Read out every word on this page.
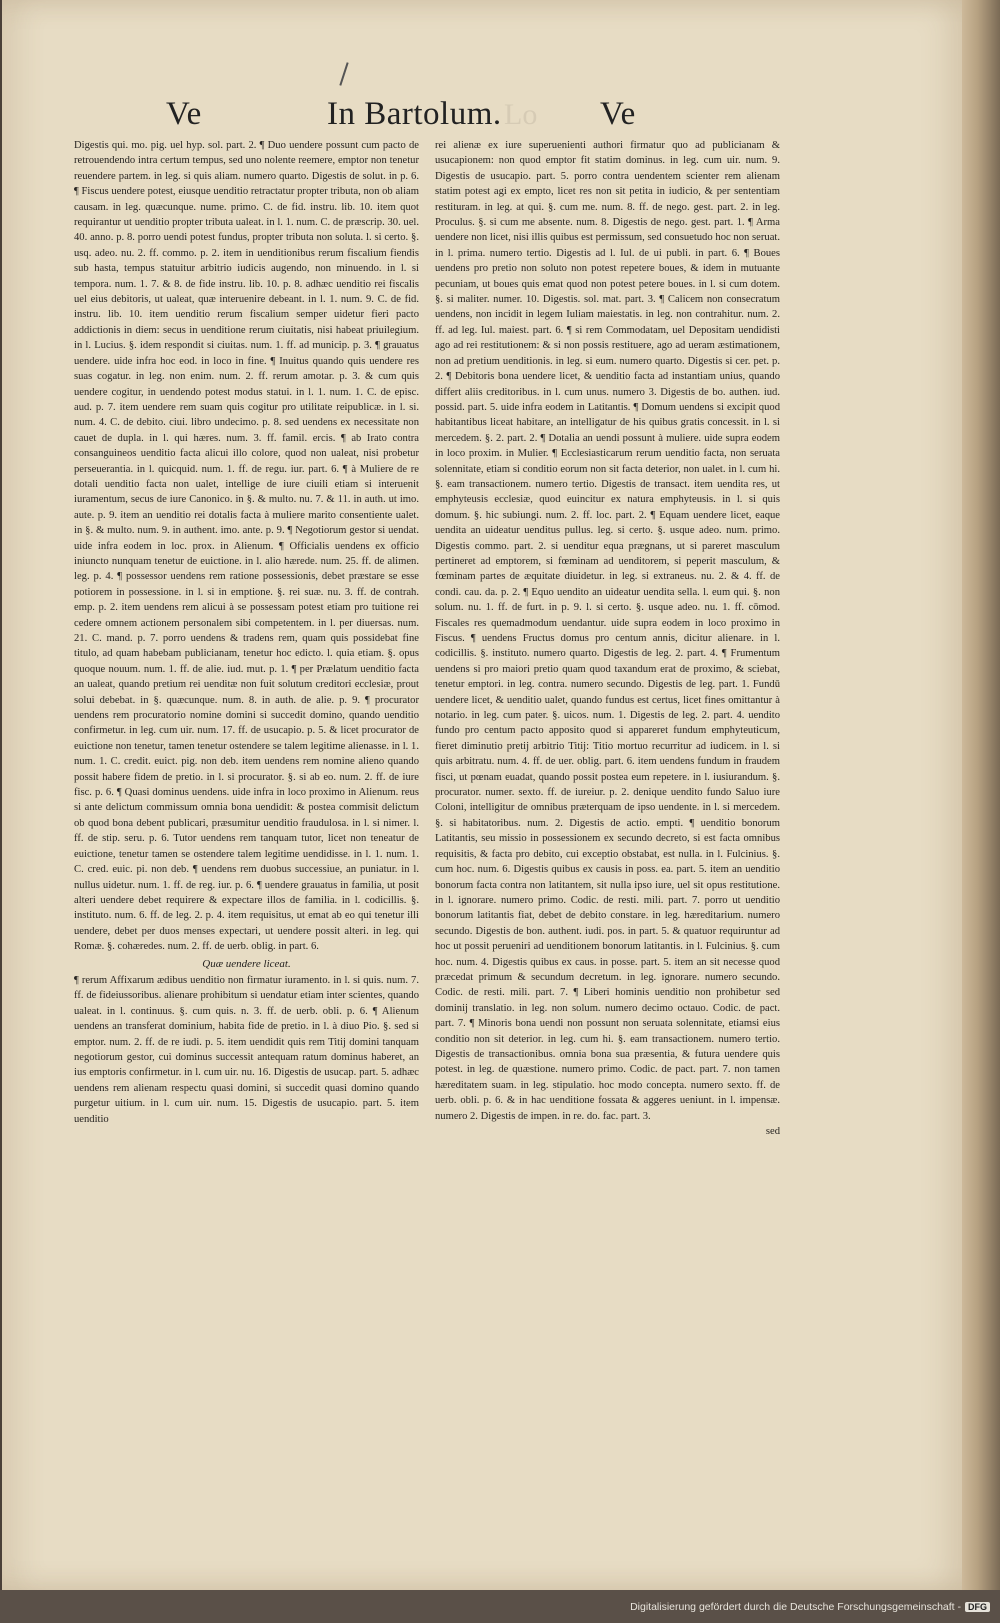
Ve	In Bartolum.	Ve
Lo

Digestis qui. mo. pig. uel hyp. sol. part. 2. ¶ Duo uendere possunt cum pacto de retrouendendo intra certum tempus, sed uno nolente reemere, emptor non tenetur reuendere partem. in leg. si quis aliam. numero quarto. Digestis de solut. in p. 6. ¶ Fiscus uendere potest, eiusque uenditio retractatur propter tributa, non ob aliam causam. in leg. quæcunque. nume. primo. C. de fid. instru. lib. 10. item quot requirantur ut uenditio propter tributa ualeat. in l. 1. num. C. de præscrip. 30. uel. 40. anno. p. 8. porro uendi potest fundus, propter tributa non soluta. l. si certo. §. usq. adeo. nu. 2. ff. commo. p. 2. item in uenditionibus rerum fiscalium fiendis sub hasta, tempus statuitur arbitrio iudicis augendo, non minuendo. in l. si tempora. num. 1. 7. & 8. de fide instru. lib. 10. p. 8. adhæc uenditio rei fiscalis uel eius debitoris, ut ualeat, quæ interuenire debeant. in l. 1. num. 9. C. de fid. instru. lib. 10. item uenditio rerum fiscalium semper uidetur fieri pacto addictionis in diem: secus in uenditione rerum ciuitatis, nisi habeat priuilegium. in l. Lucius. §. idem respondit si ciuitas. num. 1. ff. ad municip. p. 3. ¶ grauatus uendere. uide infra hoc eod. in loco in fine. ¶ Inuitus quando quis uendere res suas cogatur. in leg. non enim. num. 2. ff. rerum amotar. p. 3. & cum quis uendere cogitur, in uendendo potest modus statui. in l. 1. num. 1. C. de episc. aud. p. 7. item uendere rem suam quis cogitur pro utilitate reipublicæ. in l. si. num. 4. C. de debito. ciui. libro undecimo. p. 8. sed uendens ex necessitate non cauet de dupla. in l. qui hæres. num. 3. ff. famil. ercis. ¶ ab Irato contra consanguineos uenditio facta alicui illo colore, quod non ualeat, nisi probetur perseuerantia. in l. quicquid. num. 1. ff. de regu. iur. part. 6. ¶ à Muliere de re dotali uenditio facta non ualet, intellige de iure ciuili etiam si interuenit iuramentum, secus de iure Canonico. in §. & multo. nu. 7. & 11. in auth. ut imo. aute. p. 9. item an uenditio rei dotalis facta à muliere marito consentiente ualet. in §. & multo. num. 9. in authent. imo. ante. p. 9. ¶ Negotiorum gestor si uendat. uide infra eodem in loc. prox. in Alienum. ¶ Officialis uendens ex officio iniuncto nunquam tenetur de euictione. in l. alio hærede. num. 25. ff. de alimen. leg. p. 4. ¶ possessor uendens rem ratione possessionis, debet præstare se esse potiorem in possessione. in l. si in emptione. §. rei suæ. nu. 3. ff. de contrah. emp. p. 2. item uendens rem alicui à se possessam potest etiam pro tuitione rei cedere omnem actionem personalem sibi competentem. in l. per diuersas. num. 21. C. mand. p. 7. porro uendens & tradens rem, quam quis possidebat fine titulo, ad quam habebam publicianam, tenetur hoc edicto. l. quia etiam. §. opus quoque nouum. num. 1. ff. de alie. iud. mut. p. 1. ¶ per Prælatum uenditio facta an ualeat, quando pretium rei uenditæ non fuit solutum creditori ecclesiæ, prout solui debebat. in §. quæcunque. num. 8. in auth. de alie. p. 9. ¶ procurator uendens rem procuratorio nomine domini si succedit domino, quando uenditio confirmetur. in leg. cum uir. num. 17. ff. de usucapio. p. 5. & licet procurator de euictione non tenetur, tamen tenetur ostendere se talem legitime alienasse. in l. 1. num. 1. C. credit. euict. pig. non deb. item uendens rem nomine alieno quando possit habere fidem de pretio. in l. si procurator. §. si ab eo. num. 2. ff. de iure fisc. p. 6. ¶ Quasi dominus uendens. uide infra in loco proximo in Alienum. reus si ante delictum commissum omnia bona uendidit: & postea commisit delictum ob quod bona debent publicari, præsumitur uenditio fraudulosa. in l. si nimer. l. ff. de stip. seru. p. 6. Tutor uendens rem tanquam tutor, licet non teneatur de euictione, tenetur tamen se ostendere talem legitime uendidisse. in l. 1. num. 1. C. cred. euic. pi. non deb. ¶ uendens rem duobus successiue, an puniatur. in l. nullus uidetur. num. 1. ff. de reg. iur. p. 6. ¶ uendere grauatus in familia, ut posit alteri uendere debet requirere & expectare illos de familia. in l. codicillis. §. instituto. num. 6. ff. de leg. 2. p. 4. item requisitus, ut emat ab eo qui tenetur illi uendere, debet per duos menses expectari, ut uendere possit alteri. in leg. qui Romæ. §. cohæredes. num. 2. ff. de uerb. oblig. in part. 6.

Quæ uendere liceat.

¶ rerum Affixarum ædibus uenditio non firmatur iuramento. in l. si quis. num. 7. ff. de fideiussoribus. alienare prohibitum si uendatur etiam inter scientes, quando ualeat. in l. continuus. §. cum quis. n. 3. ff. de uerb. obli. p. 6. ¶ Alienum uendens an transferat dominium, habita fide de pretio. in l. à diuo Pio. §. sed si emptor. num. 2. ff. de re iudi. p. 5. item uendidit quis rem Titij domini tanquam negotiorum gestor, cui dominus successit antequam ratum dominus haberet, an ius emptoris confirmetur. in l. cum uir. nu. 16. Digestis de usucap. part. 5. adhæc uendens rem alienam respectu quasi domini, si succedit quasi domino quando purgetur uitium. in l. cum uir. num. 15. Digestis de usucapio. part. 5. item uenditio

rei alienæ ex iure superuenienti authori firmatur quo ad publicianam & usucapionem: non quod emptor fit statim dominus. in leg. cum uir. num. 9. Digestis de usucapio. part. 5. porro contra uendentem scienter rem alienam statim potest agi ex empto, licet res non sit petita in iudicio, & per sententiam restituram. in leg. at qui. §. cum me. num. 8. ff. de nego. gest. part. 2. in leg. Proculus. §. si cum me absente. num. 8. Digestis de nego. gest. part. 1. ¶ Arma uendere non licet, nisi illis quibus est permissum, sed consuetudo hoc non seruat. in l. prima. numero tertio. Digestis ad l. Iul. de ui publi. in part. 6. ¶ Boues uendens pro pretio non soluto non potest repetere boues, & idem in mutuante pecuniam, ut boues quis emat quod non potest petere boues. in l. si cum dotem. §. si maliter. numer. 10. Digestis. sol. mat. part. 3. ¶ Calicem non consecratum uendens, non incidit in legem Iuliam maiestatis. in leg. non contrahitur. num. 2. ff. ad leg. Iul. maiest. part. 6. ¶ si rem Commodatam, uel Depositam uendidisti ago ad rei restitutionem: & si non possis restituere, ago ad ueram æstimationem, non ad pretium uenditionis. in leg. si eum. numero quarto. Digestis si cer. pet. p. 2. ¶ Debitoris bona uendere licet, & uenditio facta ad instantiam unius, quando differt aliis creditoribus. in l. cum unus. numero 3. Digestis de bo. authen. iud. possid. part. 5. uide infra eodem in Latitantis. ¶ Domum uendens si excipit quod habitantibus liceat habitare, an intelligatur de his quibus gratis concessit. in l. si mercedem. §. 2. part. 2. ¶ Dotalia an uendi possunt à muliere. uide supra eodem in loco proxim. in Mulier. ¶ Ecclesiasticarum rerum uenditio facta, non seruata solennitate, etiam si conditio eorum non sit facta deterior, non ualet. in l. cum hi. §. eam transactionem. numero tertio. Digestis de transact. item uendita res, ut emphyteusis ecclesiæ, quod euincitur ex natura emphyteusis. in l. si quis domum. §. hic subiungi. num. 2. ff. loc. part. 2. ¶ Equam uendere licet, eaque uendita an uideatur uenditus pullus. leg. si certo. §. usque adeo. num. primo. Digestis commo. part. 2. si uenditur equa prægnans, ut si pareret masculum pertineret ad emptorem, si fœminam ad uenditorem, si peperit masculum, & fœminam partes de æquitate diuidetur. in leg. si extraneus. nu. 2. & 4. ff. de condi. cau. da. p. 2. ¶ Equo uendito an uideatur uendita sella. l. eum qui. §. non solum. nu. 1. ff. de furt. in p. 9. l. si certo. §. usque adeo. nu. 1. ff. cōmod. Fiscales res quemadmodum uendantur. uide supra eodem in loco proximo in Fiscus. ¶ uendens Fructus domus pro centum annis, dicitur alienare. in l. codicillis. §. instituto. numero quarto. Digestis de leg. 2. part. 4. ¶ Frumentum uendens si pro maiori pretio quam quod taxandum erat de proximo, & sciebat, tenetur emptori. in leg. contra. numero secundo. Digestis de leg. part. 1. Fundū uendere licet, & uenditio ualet, quando fundus est certus, licet fines omittantur à notario. in leg. cum pater. §. uicos. num. 1. Digestis de leg. 2. part. 4. uendito fundo pro centum pacto apposito quod si appareret fundum emphyteuticum, fieret diminutio pretij arbitrio Titij: Titio mortuo recurritur ad iudicem. in l. si quis arbitratu. num. 4. ff. de uer. oblig. part. 6. item uendens fundum in fraudem fisci, ut pœnam euadat, quando possit postea eum repetere. in l. iusiurandum. §. procurator. numer. sexto. ff. de iureiur. p. 2. denique uendito fundo Saluo iure Coloni, intelligitur de omnibus præterquam de ipso uendente. in l. si mercedem. §. si habitatoribus. num. 2. Digestis de actio. empti. ¶ uenditio bonorum Latitantis, seu missio in possessionem ex secundo decreto, si est facta omnibus requisitis, & facta pro debito, cui exceptio obstabat, est nulla. in l. Fulcinius. §. cum hoc. num. 6. Digestis quibus ex causis in poss. ea. part. 5. item an uenditio bonorum facta contra non latitantem, sit nulla ipso iure, uel sit opus restitutione. in l. ignorare. numero primo. Codic. de resti. mili. part. 7. porro ut uenditio bonorum latitantis fiat, debet de debito constare. in leg. hæreditarium. numero secundo. Digestis de bon. authent. iudi. pos. in part. 5. & quatuor requiruntur ad hoc ut possit perueniri ad uenditionem bonorum latitantis. in l. Fulcinius. §. cum hoc. num. 4. Digestis quibus ex caus. in posse. part. 5. item an sit necesse quod præcedat primum & secundum decretum. in leg. ignorare. numero secundo. Codic. de resti. mili. part. 7. ¶ Liberi hominis uenditio non prohibetur sed dominij translatio. in leg. non solum. numero decimo octauo. Codic. de pact. part. 7. ¶ Minoris bona uendi non possunt non seruata solennitate, etiamsi eius conditio non sit deterior. in leg. cum hi. §. eam transactionem. numero tertio. Digestis de transactionibus. omnia bona sua præsentia, & futura uendere quis potest. in leg. de quæstione. numero primo. Codic. de pact. part. 7. non tamen hæreditatem suam. in leg. stipulatio. hoc modo concepta. numero sexto. ff. de uerb. obli. p. 6. & in hac uenditione fossata & aggeres ueniunt. in l. impensæ. numero 2. Digestis de impen. in re. do. fac. part. 3.

sed

Digitalisierung gefördert durch die Deutsche Forschungsgemeinschaft - DFG
